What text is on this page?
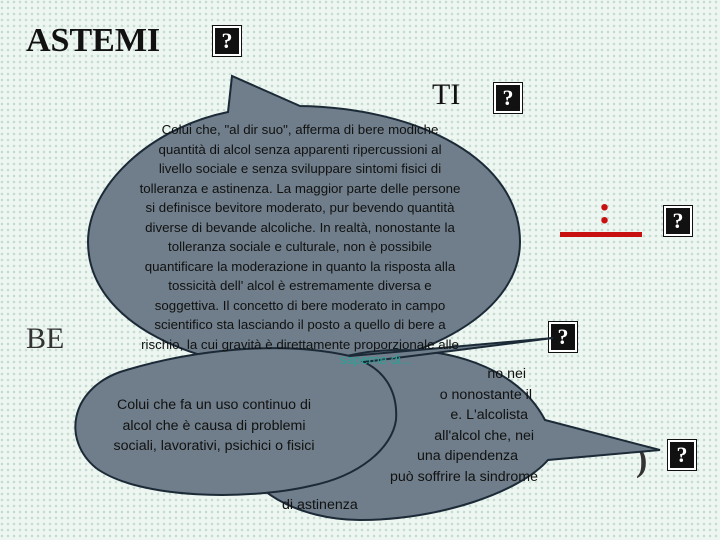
ASTEMI	?
TI	?
:	?
BE	?
)	?
Colui che, "al dir suo", afferma di bere modiche
quantità di alcol senza apparenti ripercussioni al
livello sociale e senza sviluppare sintomi fisici di
tolleranza e astinenza. La maggior parte delle persone
si definisce bevitore moderato, pur bevendo quantità
diverse di bevande alcoliche. In realtà, nonostante la
tolleranza sociale e culturale, non è possibile
quantificare la moderazione in quanto la risposta alla
tossicità dell' alcol è estremamente diversa e
soggettiva. Il concetto di bere moderato in campo
scientifico sta lasciando il posto a quello di bere a
rischio, la cui gravità è direttamente proporzionale alle
saperne di...
no nei
o nonostante il
e. L'alcolista
all'alcol che, nei
una dipendenza
può soffrire la sindrome
di astinenza
Colui che fa un uso continuo di
alcol che è causa di problemi
sociali, lavorativi, psichici o fisici
